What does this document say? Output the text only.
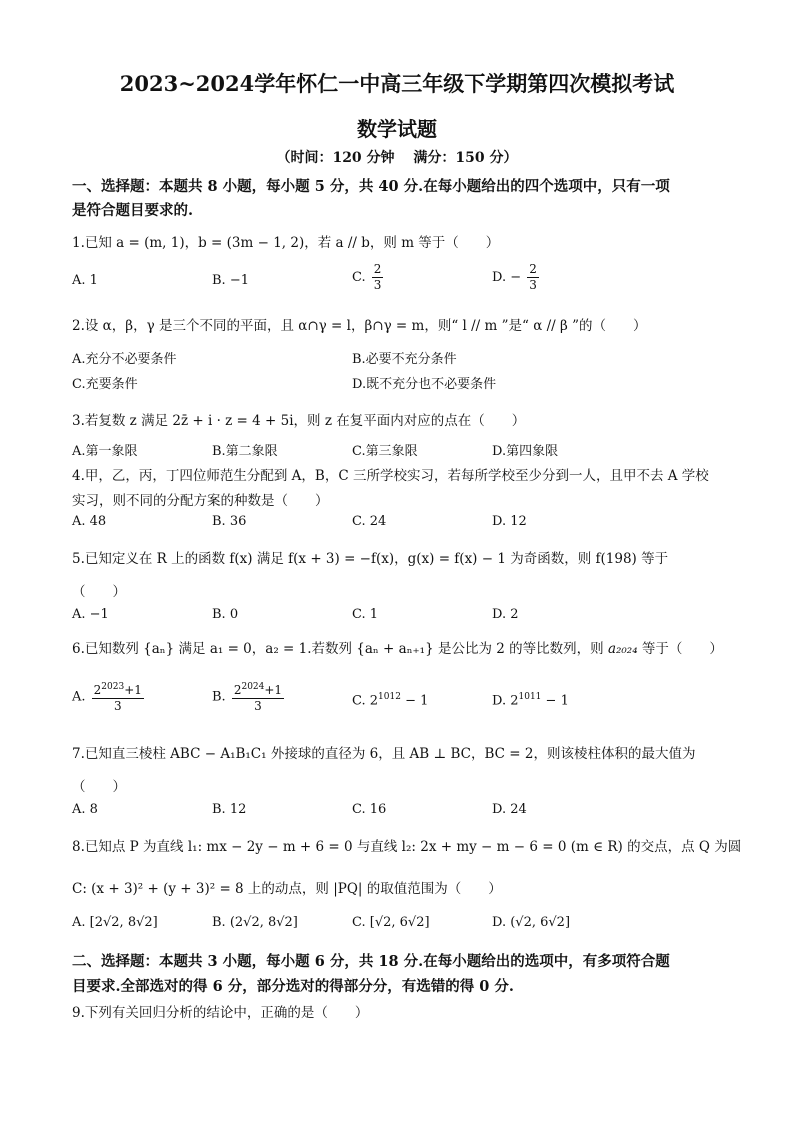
2023~2024学年怀仁一中高三年级下学期第四次模拟考试
数学试题
（时间：120 分钟　 满分：150 分）
一、选择题：本题共 8 小题，每小题 5 分，共 40 分.在每小题给出的四个选项中，只有一项
是符合题目要求的.
1.已知 a = (m, 1)，b = (3m − 1, 2)，若 a // b，则 m 等于（　　）
A. 1	B. −1	C. $\frac{2}{3}$	D. − $\frac{2}{3}$
2.设 α，β，γ 是三个不同的平面，且 α∩γ = l，β∩γ = m，则“ l // m ”是“ α // β ”的（　　）
A.充分不必要条件	B.必要不充分条件
C.充要条件	D.既不充分也不必要条件
3.若复数 z 满足 2z̄ + i · z = 4 + 5i，则 z 在复平面内对应的点在（　　）
A.第一象限	B.第二象限	C.第三象限	D.第四象限
4.甲，乙，丙，丁四位师范生分配到 A，B，C 三所学校实习，若每所学校至少分到一人，且甲不去 A 学校
实习，则不同的分配方案的种数是（　　）
A. 48	B. 36	C. 24	D. 12
5.已知定义在 R 上的函数 f(x) 满足 f(x + 3) = −f(x)，g(x) = f(x) − 1 为奇函数，则 f(198) 等于
（　　）
A. −1	B. 0	C. 1	D. 2
6.已知数列 {aₙ} 满足 a₁ = 0，a₂ = 1.若数列 {aₙ + aₙ₊₁} 是公比为 2 的等比数列，则 a₂₀₂₄ 等于（　　）
A. $\frac{2^{2023}+1}{3}$	B. $\frac{2^{2024}+1}{3}$	C. $2^{1012} - 1$	D. $2^{1011} - 1$
7.已知直三棱柱 ABC − A₁B₁C₁ 外接球的直径为 6，且 AB ⊥ BC，BC = 2，则该棱柱体积的最大值为
（　　）
A. 8	B. 12	C. 16	D. 24
8.已知点 P 为直线 l₁: mx − 2y − m + 6 = 0 与直线 l₂: 2x + my − m − 6 = 0 (m ∈ R) 的交点，点 Q 为圆
C: (x + 3)² + (y + 3)² = 8 上的动点，则 |PQ| 的取值范围为（　　）
A. [2√2, 8√2]	B. (2√2, 8√2]	C. [√2, 6√2]	D. (√2, 6√2]
二、选择题：本题共 3 小题，每小题 6 分，共 18 分.在每小题给出的选项中，有多项符合题
目要求.全部选对的得 6 分，部分选对的得部分分，有选错的得 0 分.
9.下列有关回归分析的结论中，正确的是（　　）
